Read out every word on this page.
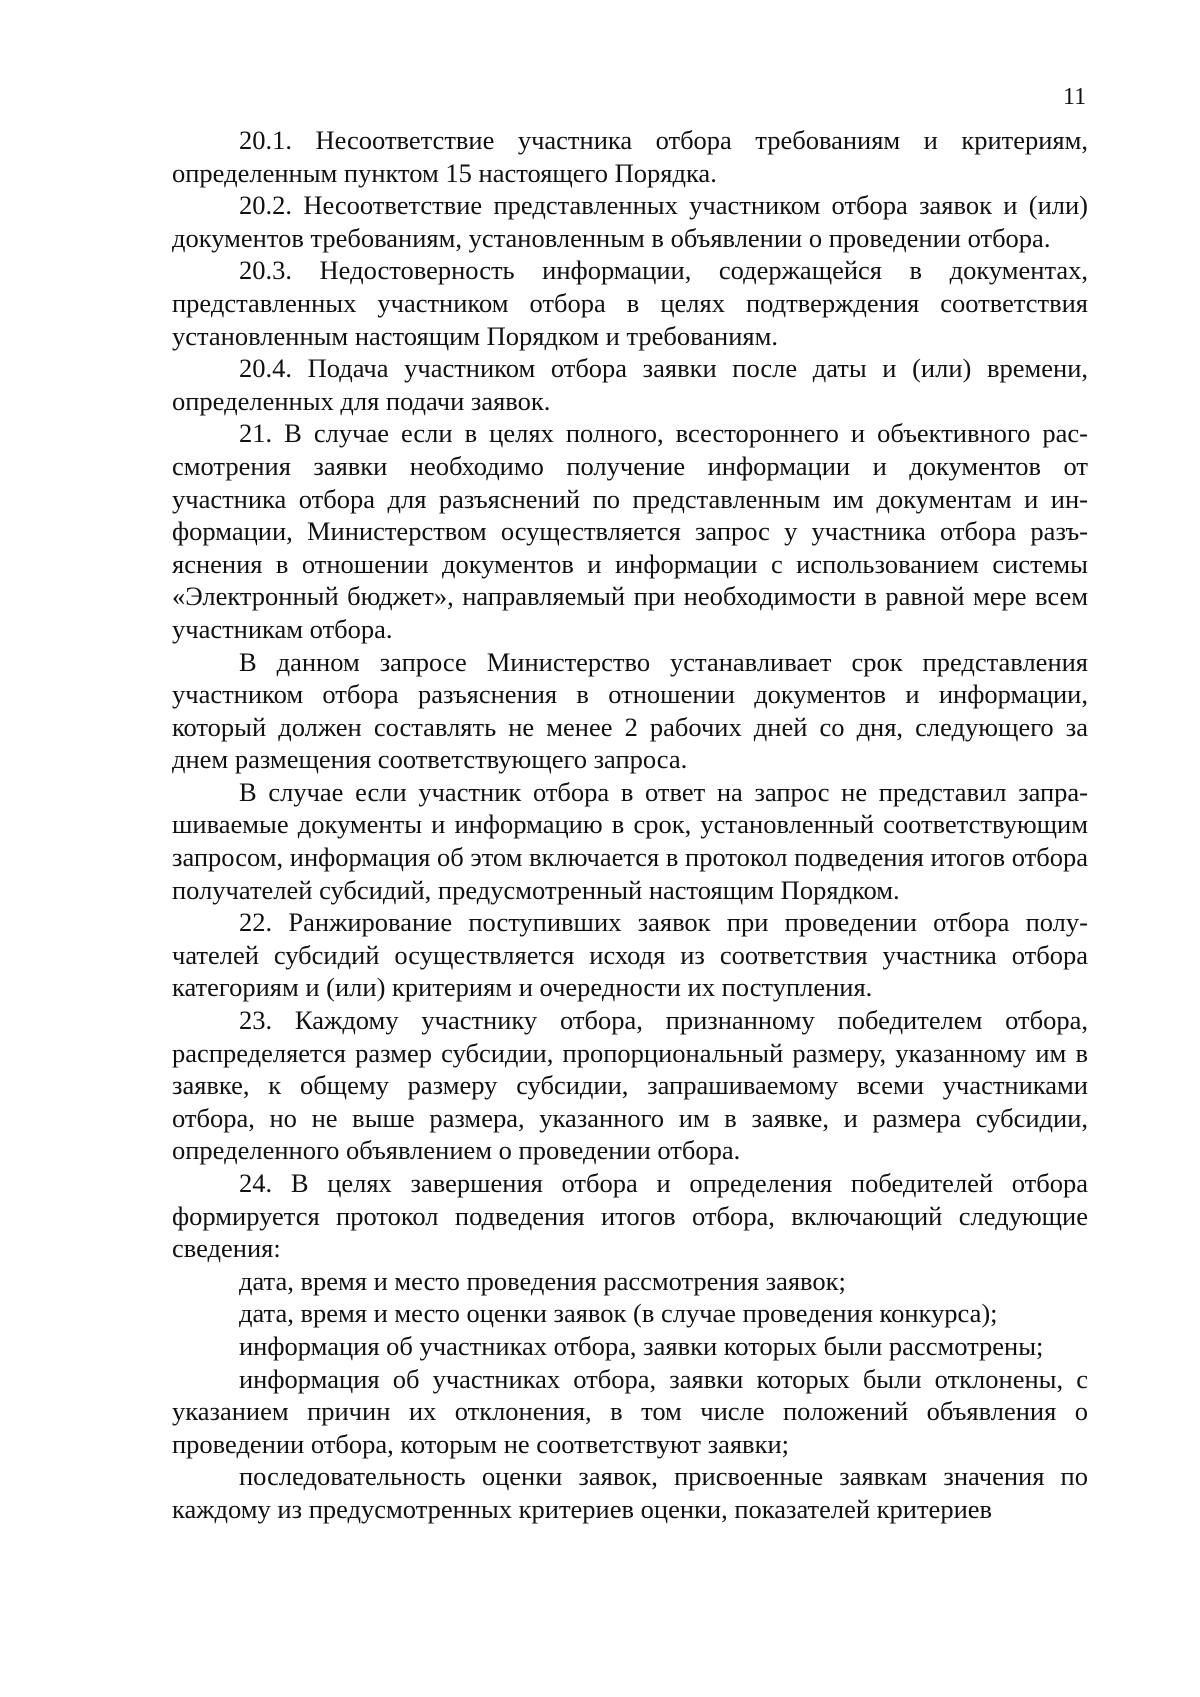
11

20.1. Несоответствие участника отбора требованиям и критериям, определенным пунктом 15 настоящего Порядка.

20.2. Несоответствие представленных участником отбора заявок и (или) документов требованиям, установленным в объявлении о проведении отбора.

20.3. Недостоверность информации, содержащейся в документах, представленных участником отбора в целях подтверждения соответствия установленным настоящим Порядком и требованиям.

20.4. Подача участником отбора заявки после даты и (или) времени, определенных для подачи заявок.

21. В случае если в целях полного, всестороннего и объективного рассмотрения заявки необходимо получение информации и документов от участника отбора для разъяснений по представленным им документам и информации, Министерством осуществляется запрос у участника отбора разъяснения в отношении документов и информации с использованием системы «Электронный бюджет», направляемый при необходимости в равной мере всем участникам отбора.

В данном запросе Министерство устанавливает срок представления участником отбора разъяснения в отношении документов и информации, который должен составлять не менее 2 рабочих дней со дня, следующего за днем размещения соответствующего запроса.

В случае если участник отбора в ответ на запрос не представил запрашиваемые документы и информацию в срок, установленный соответствующим запросом, информация об этом включается в протокол подведения итогов отбора получателей субсидий, предусмотренный настоящим Порядком.

22. Ранжирование поступивших заявок при проведении отбора получателей субсидий осуществляется исходя из соответствия участника отбора категориям и (или) критериям и очередности их поступления.

23. Каждому участнику отбора, признанному победителем отбора, распределяется размер субсидии, пропорциональный размеру, указанному им в заявке, к общему размеру субсидии, запрашиваемому всеми участниками отбора, но не выше размера, указанного им в заявке, и размера субсидии, определенного объявлением о проведении отбора.

24. В целях завершения отбора и определения победителей отбора формируется протокол подведения итогов отбора, включающий следующие сведения:

дата, время и место проведения рассмотрения заявок;

дата, время и место оценки заявок (в случае проведения конкурса);

информация об участниках отбора, заявки которых были рассмотрены;

информация об участниках отбора, заявки которых были отклонены, с указанием причин их отклонения, в том числе положений объявления о проведении отбора, которым не соответствуют заявки;

последовательность оценки заявок, присвоенные заявкам значения по каждому из предусмотренных критериев оценки, показателей критериев
